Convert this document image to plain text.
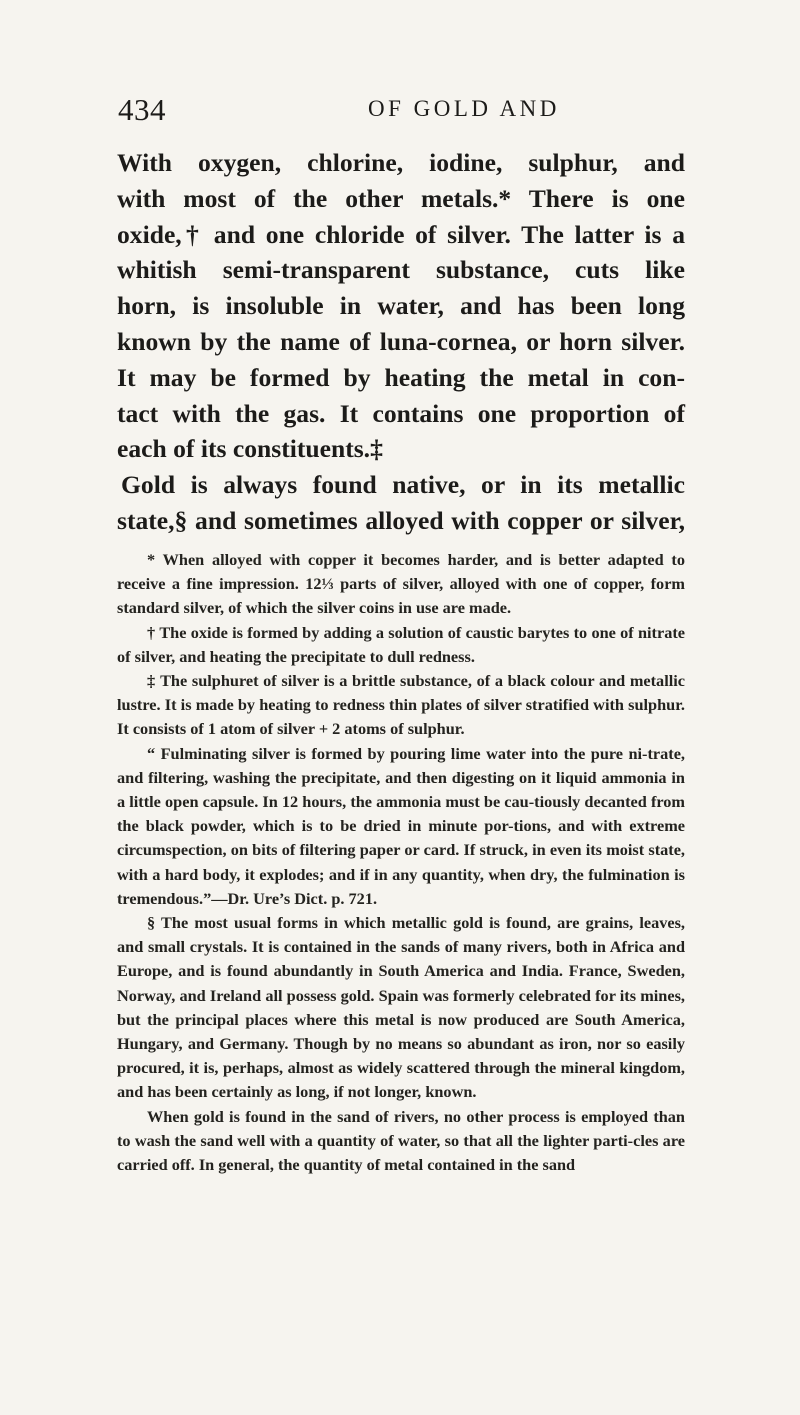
434	OF GOLD AND

With oxygen, chlorine, iodine, sulphur, and

with most of the other metals.* There is one

oxide,† and one chloride of silver. The latter is a

whitish semi-transparent substance, cuts like

horn, is insoluble in water, and has been long

known by the name of luna-cornea, or horn silver.

It may be formed by heating the metal in con-

tact with the gas. It contains one proportion of

each of its constituents.‡

Gold is always found native, or in its metallic

state,§ and sometimes alloyed with copper or silver,

* When alloyed with copper it becomes harder, and is better adapted to receive a fine impression. 12⅓ parts of silver, alloyed with one of copper, form standard silver, of which the silver coins in use are made.

† The oxide is formed by adding a solution of caustic barytes to one of nitrate of silver, and heating the precipitate to dull redness.

‡ The sulphuret of silver is a brittle substance, of a black colour and metallic lustre. It is made by heating to redness thin plates of silver stratified with sulphur. It consists of 1 atom of silver + 2 atoms of sulphur.

“ Fulminating silver is formed by pouring lime water into the pure ni-trate, and filtering, washing the precipitate, and then digesting on it liquid ammonia in a little open capsule. In 12 hours, the ammonia must be cau-tiously decanted from the black powder, which is to be dried in minute por-tions, and with extreme circumspection, on bits of filtering paper or card. If struck, in even its moist state, with a hard body, it explodes; and if in any quantity, when dry, the fulmination is tremendous.”—Dr. Ure’s Dict. p. 721.

§ The most usual forms in which metallic gold is found, are grains, leaves, and small crystals. It is contained in the sands of many rivers, both in Africa and Europe, and is found abundantly in South America and India. France, Sweden, Norway, and Ireland all possess gold. Spain was formerly celebrated for its mines, but the principal places where this metal is now produced are South America, Hungary, and Germany. Though by no means so abundant as iron, nor so easily procured, it is, perhaps, almost as widely scattered through the mineral kingdom, and has been certainly as long, if not longer, known.

When gold is found in the sand of rivers, no other process is employed than to wash the sand well with a quantity of water, so that all the lighter parti-cles are carried off. In general, the quantity of metal contained in the sand
